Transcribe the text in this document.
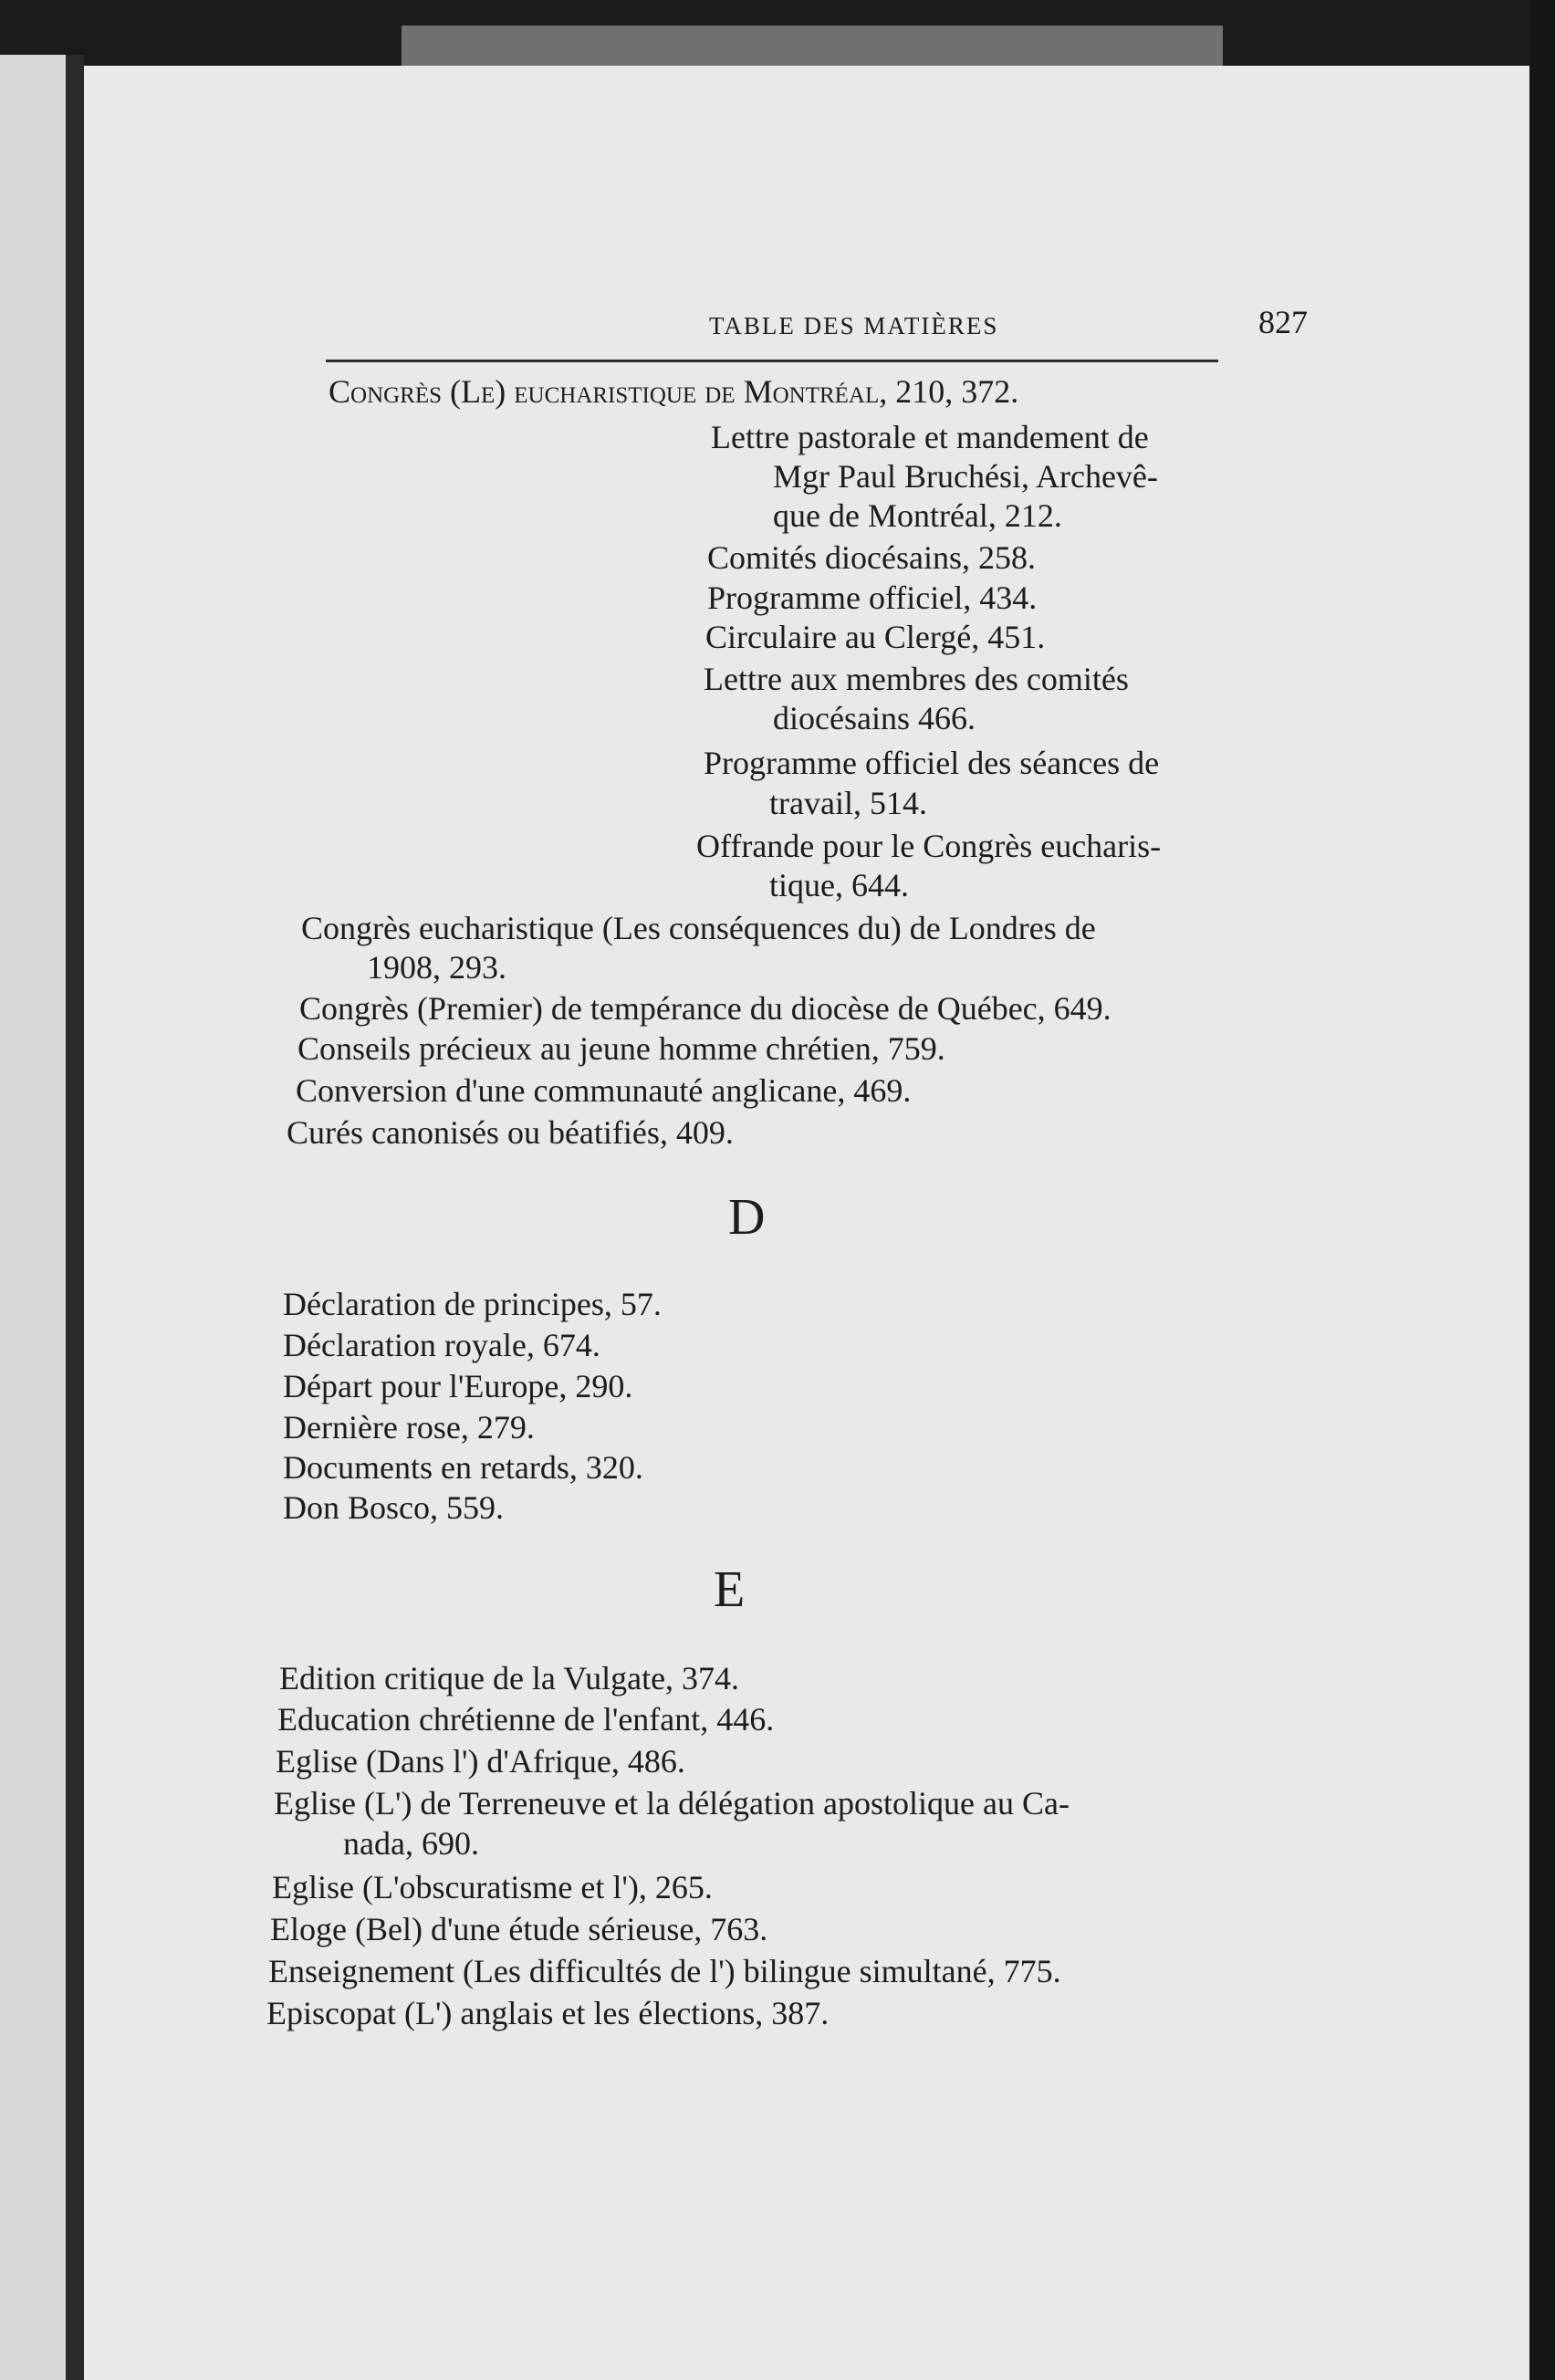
TABLE DES MATIÈRES	827
Congrès (Le) eucharistique de Montréal, 210, 372.
Lettre pastorale et mandement de
Mgr Paul Bruchési, Archevê-
que de Montréal, 212.
Comités diocésains, 258.
Programme officiel, 434.
Circulaire au Clergé, 451.
Lettre aux membres des comités
diocésains 466.
Programme officiel des séances de
travail, 514.
Offrande pour le Congrès eucharis-
tique, 644.
Congrès eucharistique (Les conséquences du) de Londres de
1908, 293.
Congrès (Premier) de tempérance du diocèse de Québec, 649.
Conseils précieux au jeune homme chrétien, 759.
Conversion d'une communauté anglicane, 469.
Curés canonisés ou béatifiés, 409.
D
Déclaration de principes, 57.
Déclaration royale, 674.
Départ pour l'Europe, 290.
Dernière rose, 279.
Documents en retards, 320.
Don Bosco, 559.
E
Edition critique de la Vulgate, 374.
Education chrétienne de l'enfant, 446.
Eglise (Dans l') d'Afrique, 486.
Eglise (L') de Terreneuve et la délégation apostolique au Ca-
nada, 690.
Eglise (L'obscuratisme et l'), 265.
Eloge (Bel) d'une étude sérieuse, 763.
Enseignement (Les difficultés de l') bilingue simultané, 775.
Episcopat (L') anglais et les élections, 387.
